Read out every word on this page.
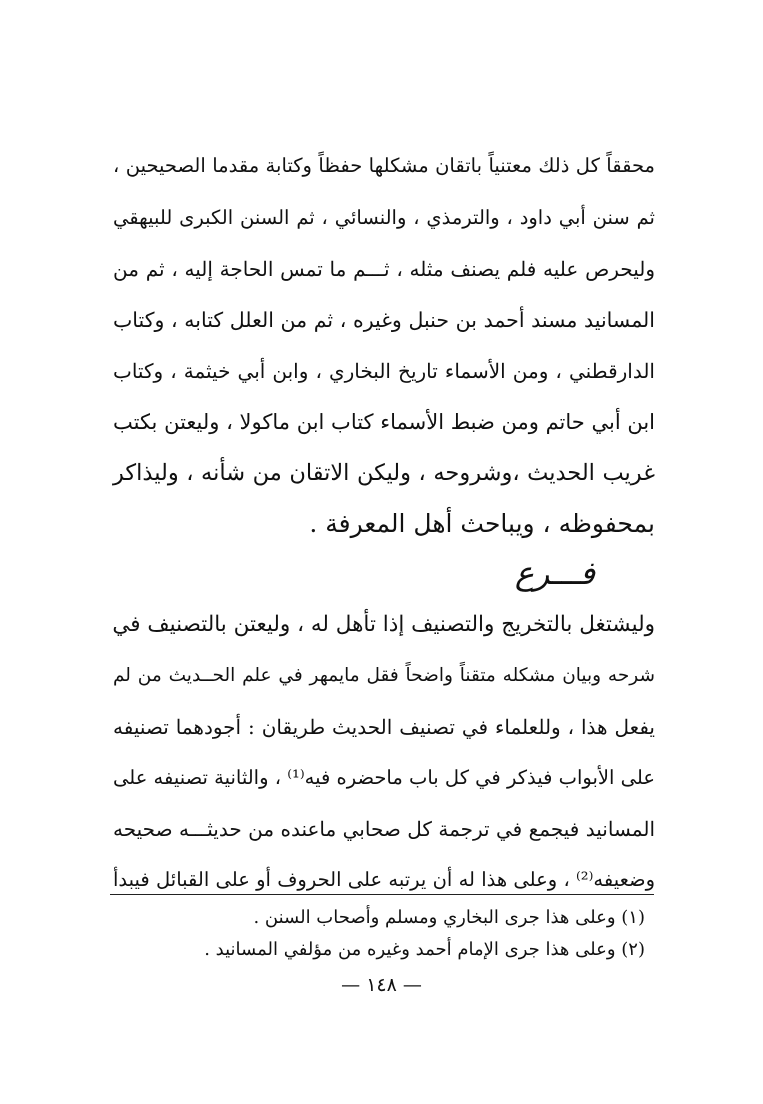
محققاً كل ذلك معتنياً باتقان مشكلها حفظاً وكتابة مقدما الصحيحين ،
ثم سنن أبي داود ، والترمذي ، والنسائي ، ثم السنن الكبرى للبيهقي
وليحرص عليه فلم يصنف مثله ، ثـــم ما تمس الحاجة إليه ، ثم من
المسانيد مسند أحمد بن حنبل وغيره ، ثم من العلل كتابه ، وكتاب
الدارقطني ، ومن الأسماء تاريخ البخاري ، وابن أبي خيثمة ، وكتاب
ابن أبي حاتم ومن ضبط الأسماء كتاب ابن ماكولا ، وليعتن بكتب
غريب الحديث ،وشروحه ، وليكن الاتقان من شأنه ، وليذاكر
بمحفوظه ، ويباحث أهل المعرفة .
فـــرع
وليشتغل بالتخريج والتصنيف إذا تأهل له ، وليعتن بالتصنيف في
شرحه وبيان مشكله متقناً واضحاً فقل مايمهر في علم الحــديث من لم
يفعل هذا ، وللعلماء في تصنيف الحديث طريقان : أجودهما تصنيفه
على الأبواب فيذكر في كل باب ماحضره فيه⁽¹⁾ ، والثانية تصنيفه على
المسانيد فيجمع في ترجمة كل صحابي ماعنده من حديثـــه صحيحه
وضعيفه⁽²⁾ ، وعلى هذا له أن يرتبه على الحروف أو على القبائل فيبدأ
(١) وعلى هذا جرى البخاري ومسلم وأصحاب السنن .
(٢) وعلى هذا جرى الإمام أحمد وغيره من مؤلفي المسانيد .
— ١٤٨ —
